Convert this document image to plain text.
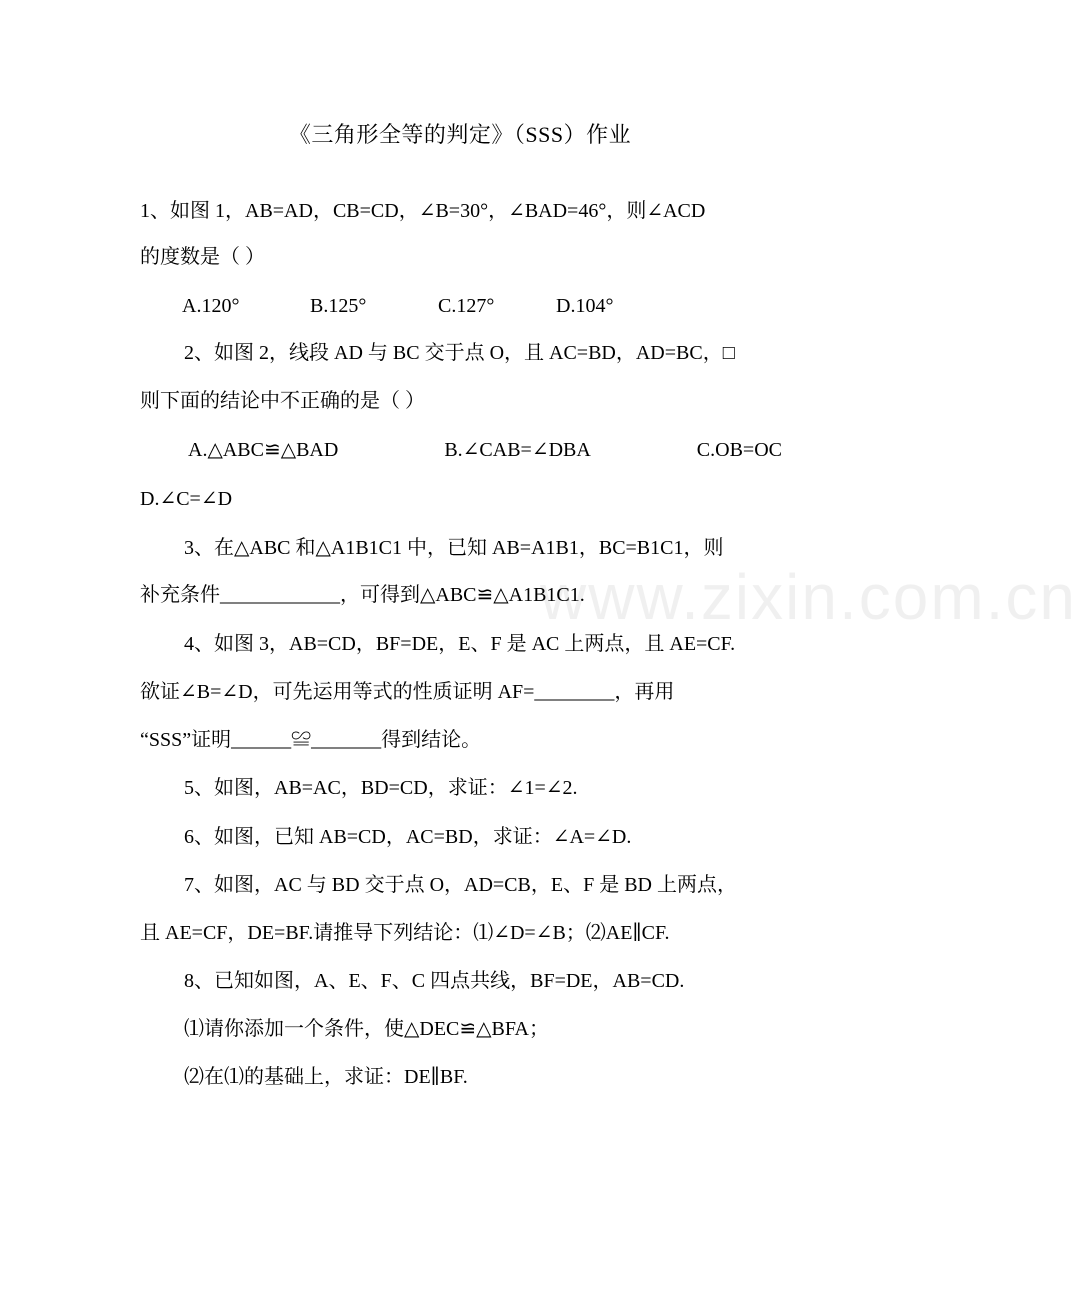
《三角形全等的判定》（SSS）作业
1、如图 1，AB=AD，CB=CD，∠B=30°，∠BAD=46°，则∠ACD
的度数是（ ）
A.120°	B.125°	C.127°	D.104°
2、如图 2，线段 AD 与 BC 交于点 O，且 AC=BD，AD=BC，□
则下面的结论中不正确的是（ ）
A.△ABC≌△BAD	B.∠CAB=∠DBA	C.OB=OC
D.∠C=∠D
3、在△ABC 和△A1B1C1 中，已知 AB=A1B1，BC=B1C1，则
补充条件____________，可得到△ABC≌△A1B1C1.
4、如图 3，AB=CD，BF=DE，E、F 是 AC 上两点，且 AE=CF.
欲证∠B=∠D，可先运用等式的性质证明 AF=________，再用
“SSS”证明______≌_______得到结论。
5、如图，AB=AC，BD=CD，求证：∠1=∠2.
6、如图，已知 AB=CD，AC=BD，求证：∠A=∠D.
7、如图，AC 与 BD 交于点 O，AD=CB，E、F 是 BD 上两点，
且 AE=CF，DE=BF.请推导下列结论：⑴∠D=∠B；⑵AE∥CF.
8、已知如图，A、E、F、C 四点共线，BF=DE，AB=CD.
⑴请你添加一个条件，使△DEC≌△BFA；
⑵在⑴的基础上，求证：DE∥BF.
www.zixin.com.cn
